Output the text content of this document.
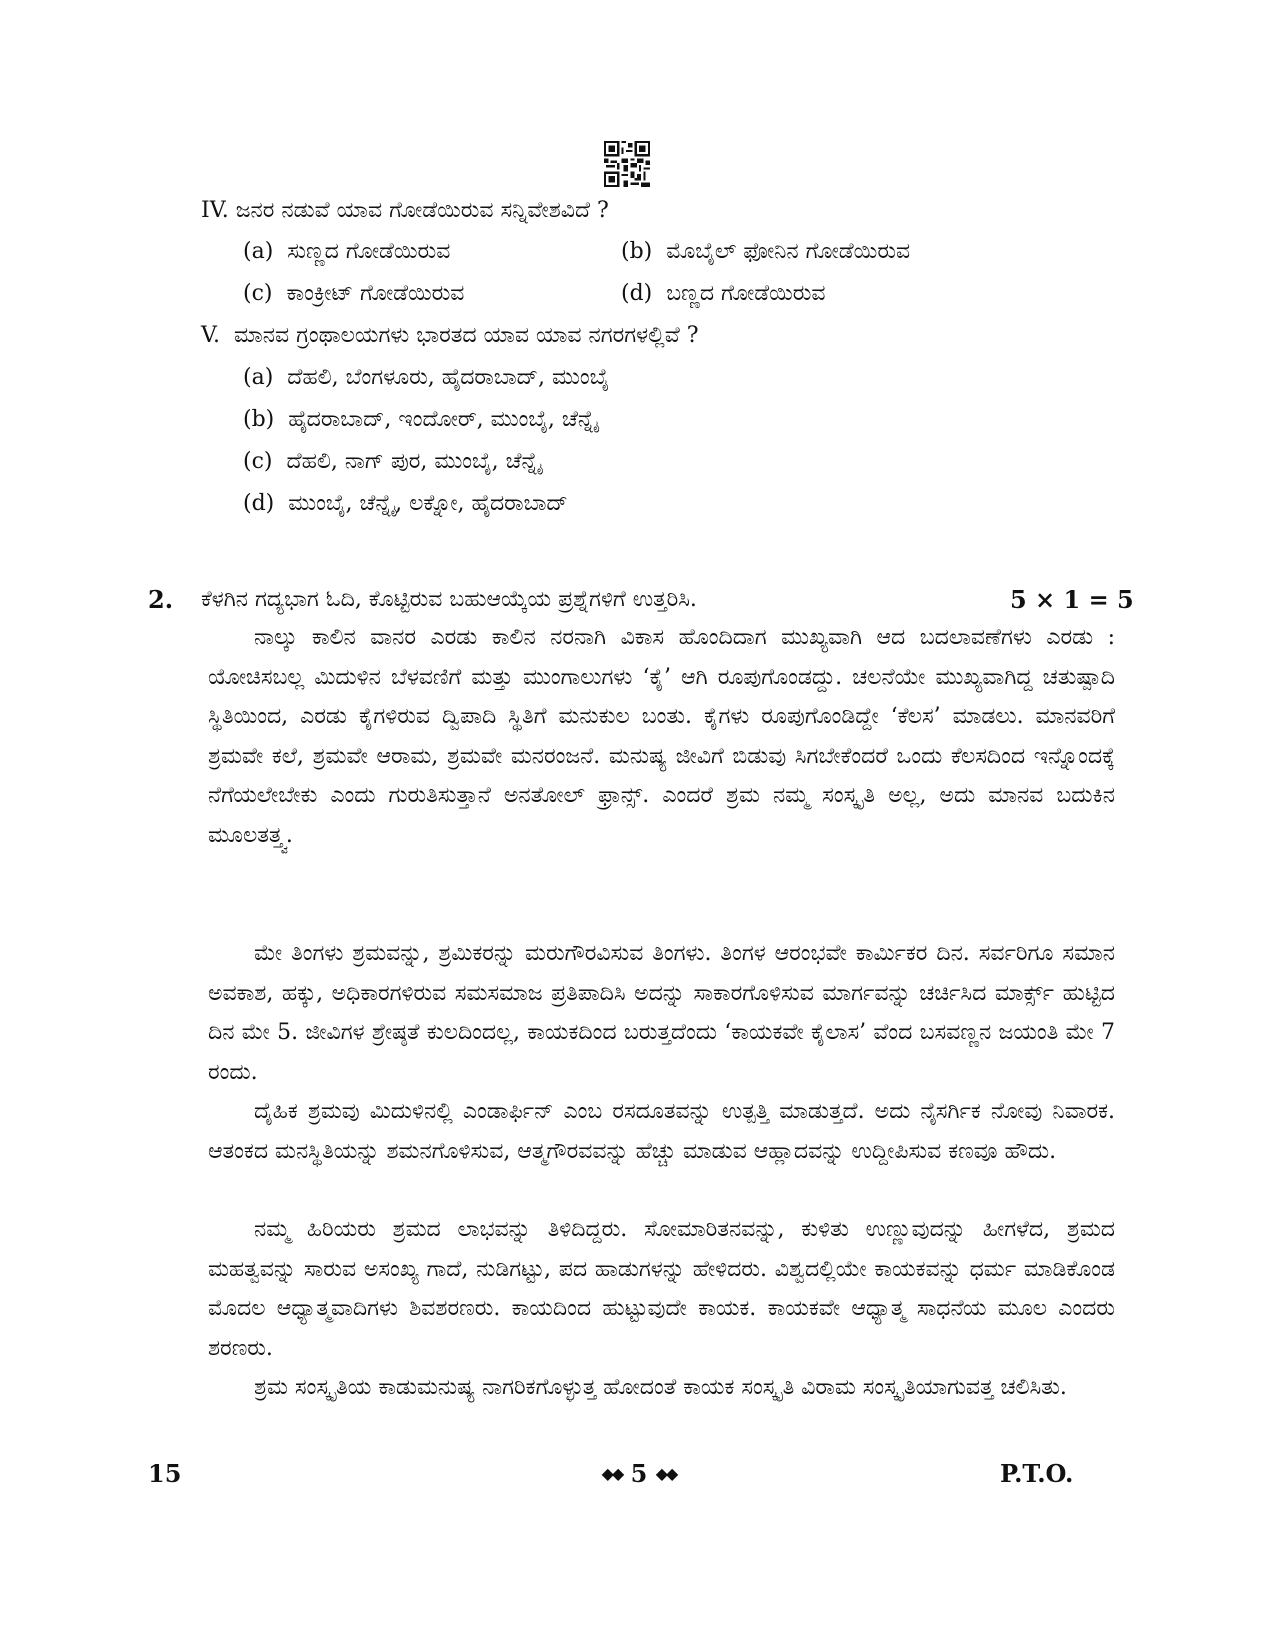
IV. ಜನರ ನಡುವೆ ಯಾವ ಗೋಡೆಯಿರುವ ಸನ್ನಿವೇಶವಿದೆ ?
(a) ಸುಣ್ಣದ ಗೋಡೆಯಿರುವ	(b) ಮೊಬೈಲ್ ಫೋನಿನ ಗೋಡೆಯಿರುವ
(c) ಕಾಂಕ್ರೀಟ್ ಗೋಡೆಯಿರುವ	(d) ಬಣ್ಣದ ಗೋಡೆಯಿರುವ
V. ಮಾನವ ಗ್ರಂಥಾಲಯಗಳು ಭಾರತದ ಯಾವ ಯಾವ ನಗರಗಳಲ್ಲಿವೆ ?
(a) ದೆಹಲಿ, ಬೆಂಗಳೂರು, ಹೈದರಾಬಾದ್, ಮುಂಬೈ
(b) ಹೈದರಾಬಾದ್, ಇಂದೋರ್, ಮುಂಬೈ, ಚೆನ್ನೈ
(c) ದೆಹಲಿ, ನಾಗ್ ಪುರ, ಮುಂಬೈ, ಚೆನ್ನೈ
(d) ಮುಂಬೈ, ಚೆನ್ನೈ, ಲಕ್ನೋ, ಹೈದರಾಬಾದ್
2. ಕೆಳಗಿನ ಗದ್ಯಭಾಗ ಓದಿ, ಕೊಟ್ಟಿರುವ ಬಹುಆಯ್ಕೆಯ ಪ್ರಶ್ನೆಗಳಿಗೆ ಉತ್ತರಿಸಿ.	5 × 1 = 5

ನಾಲ್ಕು ಕಾಲಿನ ವಾನರ ಎರಡು ಕಾಲಿನ ನರನಾಗಿ ವಿಕಾಸ ಹೊಂದಿದಾಗ ಮುಖ್ಯವಾಗಿ ಆದ ಬದಲಾವಣೆಗಳು ಎರಡು : ಯೋಚಿಸಬಲ್ಲ ಮಿದುಳಿನ ಬೆಳವಣಿಗೆ ಮತ್ತು ಮುಂಗಾಲುಗಳು ‘ಕೈ’ ಆಗಿ ರೂಪುಗೊಂಡದ್ದು. ಚಲನೆಯೇ ಮುಖ್ಯವಾಗಿದ್ದ ಚತುಷ್ಪಾದಿ ಸ್ಥಿತಿಯಿಂದ, ಎರಡು ಕೈಗಳಿರುವ ದ್ವಿಪಾದಿ ಸ್ಥಿತಿಗೆ ಮನುಕುಲ ಬಂತು. ಕೈಗಳು ರೂಪುಗೊಂಡಿದ್ದೇ ‘ಕೆಲಸ’ ಮಾಡಲು. ಮಾನವರಿಗೆ ಶ್ರಮವೇ ಕಲೆ, ಶ್ರಮವೇ ಆರಾಮ, ಶ್ರಮವೇ ಮನರಂಜನೆ. ಮನುಷ್ಯ ಜೀವಿಗೆ ಬಿಡುವು ಸಿಗಬೇಕೆಂದರೆ ಒಂದು ಕೆಲಸದಿಂದ ಇನ್ನೊಂದಕ್ಕೆ ನೆಗೆಯಲೇಬೇಕು ಎಂದು ಗುರುತಿಸುತ್ತಾನೆ ಅನತೋಲ್ ಫ್ರಾನ್ಸ್. ಎಂದರೆ ಶ್ರಮ ನಮ್ಮ ಸಂಸ್ಕೃತಿ ಅಲ್ಲ, ಅದು ಮಾನವ ಬದುಕಿನ ಮೂಲತತ್ತ್ವ.

ಮೇ ತಿಂಗಳು ಶ್ರಮವನ್ನು, ಶ್ರಮಿಕರನ್ನು ಮರುಗೌರವಿಸುವ ತಿಂಗಳು. ತಿಂಗಳ ಆರಂಭವೇ ಕಾರ್ಮಿಕರ ದಿನ. ಸರ್ವರಿಗೂ ಸಮಾನ ಅವಕಾಶ, ಹಕ್ಕು, ಅಧಿಕಾರಗಳಿರುವ ಸಮಸಮಾಜ ಪ್ರತಿಪಾದಿಸಿ ಅದನ್ನು ಸಾಕಾರಗೊಳಿಸುವ ಮಾರ್ಗವನ್ನು ಚರ್ಚಿಸಿದ ಮಾರ್ಕ್ಸ್ ಹುಟ್ಟಿದ ದಿನ ಮೇ 5. ಜೀವಿಗಳ ಶ್ರೇಷ್ಠತೆ ಕುಲದಿಂದಲ್ಲ, ಕಾಯಕದಿಂದ ಬರುತ್ತದೆಂದು ‘ಕಾಯಕವೇ ಕೈಲಾಸ’ ವೆಂದ ಬಸವಣ್ಣನ ಜಯಂತಿ ಮೇ 7 ರಂದು.

ದೈಹಿಕ ಶ್ರಮವು ಮಿದುಳಿನಲ್ಲಿ ಎಂಡಾರ್ಫಿನ್ ಎಂಬ ರಸದೂತವನ್ನು ಉತ್ಪತ್ತಿ ಮಾಡುತ್ತದೆ. ಅದು ನೈಸರ್ಗಿಕ ನೋವು ನಿವಾರಕ. ಆತಂಕದ ಮನಸ್ಥಿತಿಯನ್ನು ಶಮನಗೊಳಿಸುವ, ಆತ್ಮಗೌರವವನ್ನು ಹೆಚ್ಚು ಮಾಡುವ ಆಹ್ಲಾದವನ್ನು ಉದ್ದೀಪಿಸುವ ಕಣವೂ ಹೌದು.

ನಮ್ಮ ಹಿರಿಯರು ಶ್ರಮದ ಲಾಭವನ್ನು ತಿಳಿದಿದ್ದರು. ಸೋಮಾರಿತನವನ್ನು, ಕುಳಿತು ಉಣ್ಣುವುದನ್ನು ಹೀಗಳೆದ, ಶ್ರಮದ ಮಹತ್ವವನ್ನು ಸಾರುವ ಅಸಂಖ್ಯ ಗಾದೆ, ನುಡಿಗಟ್ಟು, ಪದ ಹಾಡುಗಳನ್ನು ಹೇಳಿದರು. ವಿಶ್ವದಲ್ಲಿಯೇ ಕಾಯಕವನ್ನು ಧರ್ಮ ಮಾಡಿಕೊಂಡ ಮೊದಲ ಆಧ್ಯಾತ್ಮವಾದಿಗಳು ಶಿವಶರಣರು. ಕಾಯದಿಂದ ಹುಟ್ಟುವುದೇ ಕಾಯಕ. ಕಾಯಕವೇ ಆಧ್ಯಾತ್ಮ ಸಾಧನೆಯ ಮೂಲ ಎಂದರು ಶರಣರು.

ಶ್ರಮ ಸಂಸ್ಕೃತಿಯ ಕಾಡುಮನುಷ್ಯ ನಾಗರಿಕಗೊಳ್ಳುತ್ತ ಹೋದಂತೆ ಕಾಯಕ ಸಂಸ್ಕೃತಿ ವಿರಾಮ ಸಂಸ್ಕೃತಿಯಾಗುವತ್ತ ಚಲಿಸಿತು.

15	◆◆ 5 ◆◆	P.T.O.
